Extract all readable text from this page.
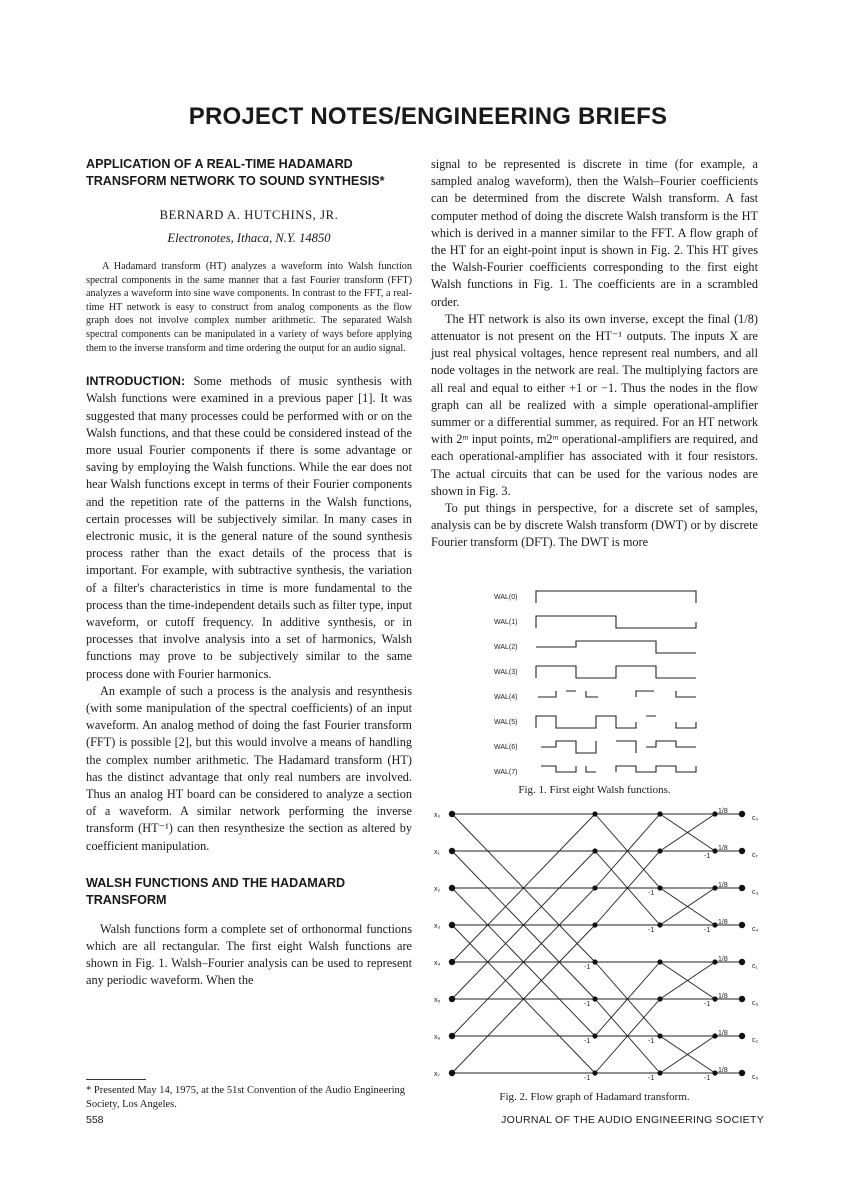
PROJECT NOTES/ENGINEERING BRIEFS
APPLICATION OF A REAL-TIME HADAMARD TRANSFORM NETWORK TO SOUND SYNTHESIS*
BERNARD A. HUTCHINS, JR.
Electronotes, Ithaca, N.Y. 14850
A Hadamard transform (HT) analyzes a waveform into Walsh function spectral components in the same manner that a fast Fourier transform (FFT) analyzes a waveform into sine wave components. In contrast to the FFT, a real-time HT network is easy to construct from analog components as the flow graph does not involve complex number arithmetic. The separated Walsh spectral components can be manipulated in a variety of ways before applying them to the inverse transform and time ordering the output for an audio signal.

INTRODUCTION: Some methods of music synthesis with Walsh functions were examined in a previous paper [1]. It was suggested that many processes could be performed with or on the Walsh functions, and that these could be considered instead of the more usual Fourier components if there is some advantage or saving by employing the Walsh functions. While the ear does not hear Walsh functions except in terms of their Fourier components and the repetition rate of the patterns in the Walsh functions, certain processes will be subjectively similar. In many cases in electronic music, it is the general nature of the sound synthesis process rather than the exact details of the process that is important. For example, with subtractive synthesis, the variation of a filter's characteristics in time is more fundamental to the process than the time-independent details such as filter type, input waveform, or cutoff frequency. In additive synthesis, or in processes that involve analysis into a set of harmonics, Walsh functions may prove to be subjectively similar to the same process done with Fourier harmonics.

An example of such a process is the analysis and resynthesis (with some manipulation of the spectral coefficients) of an input waveform. An analog method of doing the fast Fourier transform (FFT) is possible [2], but this would involve a means of handling the complex number arithmetic. The Hadamard transform (HT) has the distinct advantage that only real numbers are involved. Thus an analog HT board can be considered to analyze a section of a waveform. A similar network performing the inverse transform (HT⁻¹) can then resynthesize the section as altered by coefficient manipulation.

WALSH FUNCTIONS AND THE HADAMARD TRANSFORM

Walsh functions form a complete set of orthonormal functions which are all rectangular. The first eight Walsh functions are shown in Fig. 1. Walsh–Fourier analysis can be used to represent any periodic waveform. When the

signal to be represented is discrete in time (for example, a sampled analog waveform), then the Walsh–Fourier coefficients can be determined from the discrete Walsh transform. A fast computer method of doing the discrete Walsh transform is the HT which is derived in a manner similar to the FFT. A flow graph of the HT for an eight-point input is shown in Fig. 2. This HT gives the Walsh-Fourier coefficients corresponding to the first eight Walsh functions in Fig. 1. The coefficients are in a scrambled order.

The HT network is also its own inverse, except the final (1/8) attenuator is not present on the HT⁻¹ outputs. The inputs X are just real physical voltages, hence represent real numbers, and all node voltages in the network are real. The multiplying factors are all real and equal to either +1 or −1. Thus the nodes in the flow graph can all be realized with a simple operational-amplifier summer or a differential summer, as required. For an HT network with 2ᵐ input points, m2ᵐ operational-amplifiers are required, and each operational-amplifier has associated with it four resistors. The actual circuits that can be used for the various nodes are shown in Fig. 3.

To put things in perspective, for a discrete set of samples, analysis can be by discrete Walsh transform (DWT) or by discrete Fourier transform (DFT). The DWT is more

WAL(0)
WAL(1)
WAL(2)
WAL(3)
WAL(4)
WAL(5)
WAL(6)
WAL(7)
Fig. 1. First eight Walsh functions.
x₀
x₁
x₂
x₃
x₄
x₅
x₆
x₇
c₀
c₇
c₃
c₄
c₁
c₆
c₂
c₅
1/8
1/8
1/8
1/8
1/8
1/8
1/8
1/8
-1
-1
-1
-1
-1
-1
-1
-1
-1
-1
-1
-1
Fig. 2. Flow graph of Hadamard transform.
* Presented May 14, 1975, at the 51st Convention of the Audio Engineering Society, Los Angeles.
558	JOURNAL OF THE AUDIO ENGINEERING SOCIETY
